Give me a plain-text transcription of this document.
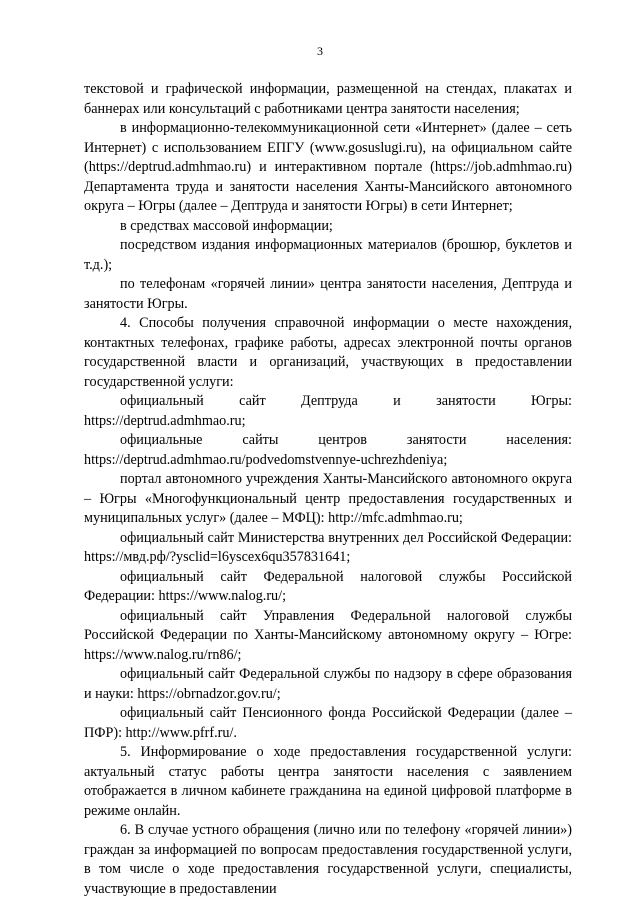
3

текстовой и графической информации, размещенной на стендах, плакатах и баннерах или консультаций с работниками центра занятости населения;

в информационно-телекоммуникационной сети «Интернет» (далее – сеть Интернет) с использованием ЕПГУ (www.gosuslugi.ru), на официальном сайте (https://deptrud.admhmao.ru) и интерактивном портале (https://job.admhmao.ru) Департамента труда и занятости населения Ханты-Мансийского автономного округа – Югры (далее – Дептруда и занятости Югры) в сети Интернет;

в средствах массовой информации;

посредством издания информационных материалов (брошюр, буклетов и т.д.);

по телефонам «горячей линии» центра занятости населения, Дептруда и занятости Югры.

4. Способы получения справочной информации о месте нахождения, контактных телефонах, графике работы, адресах электронной почты органов государственной власти и организаций, участвующих в предоставлении государственной услуги:

официальный сайт Дептруда и занятости Югры: https://deptrud.admhmao.ru;

официальные сайты центров занятости населения: https://deptrud.admhmao.ru/podvedomstvennye-uchrezhdeniya;

портал автономного учреждения Ханты-Мансийского автономного округа – Югры «Многофункциональный центр предоставления государственных и муниципальных услуг» (далее – МФЦ): http://mfc.admhmao.ru;

официальный сайт Министерства внутренних дел Российской Федерации: https://мвд.рф/?ysclid=l6yscex6qu357831641;

официальный сайт Федеральной налоговой службы Российской Федерации: https://www.nalog.ru/;

официальный сайт Управления Федеральной налоговой службы Российской Федерации по Ханты-Мансийскому автономному округу – Югре: https://www.nalog.ru/rn86/;

официальный сайт Федеральной службы по надзору в сфере образования и науки: https://obrnadzor.gov.ru/;

официальный сайт Пенсионного фонда Российской Федерации (далее – ПФР): http://www.pfrf.ru/.

5. Информирование о ходе предоставления государственной услуги: актуальный статус работы центра занятости населения с заявлением отображается в личном кабинете гражданина на единой цифровой платформе в режиме онлайн.

6. В случае устного обращения (лично или по телефону «горячей линии») граждан за информацией по вопросам предоставления государственной услуги, в том числе о ходе предоставления государственной услуги, специалисты, участвующие в предоставлении
